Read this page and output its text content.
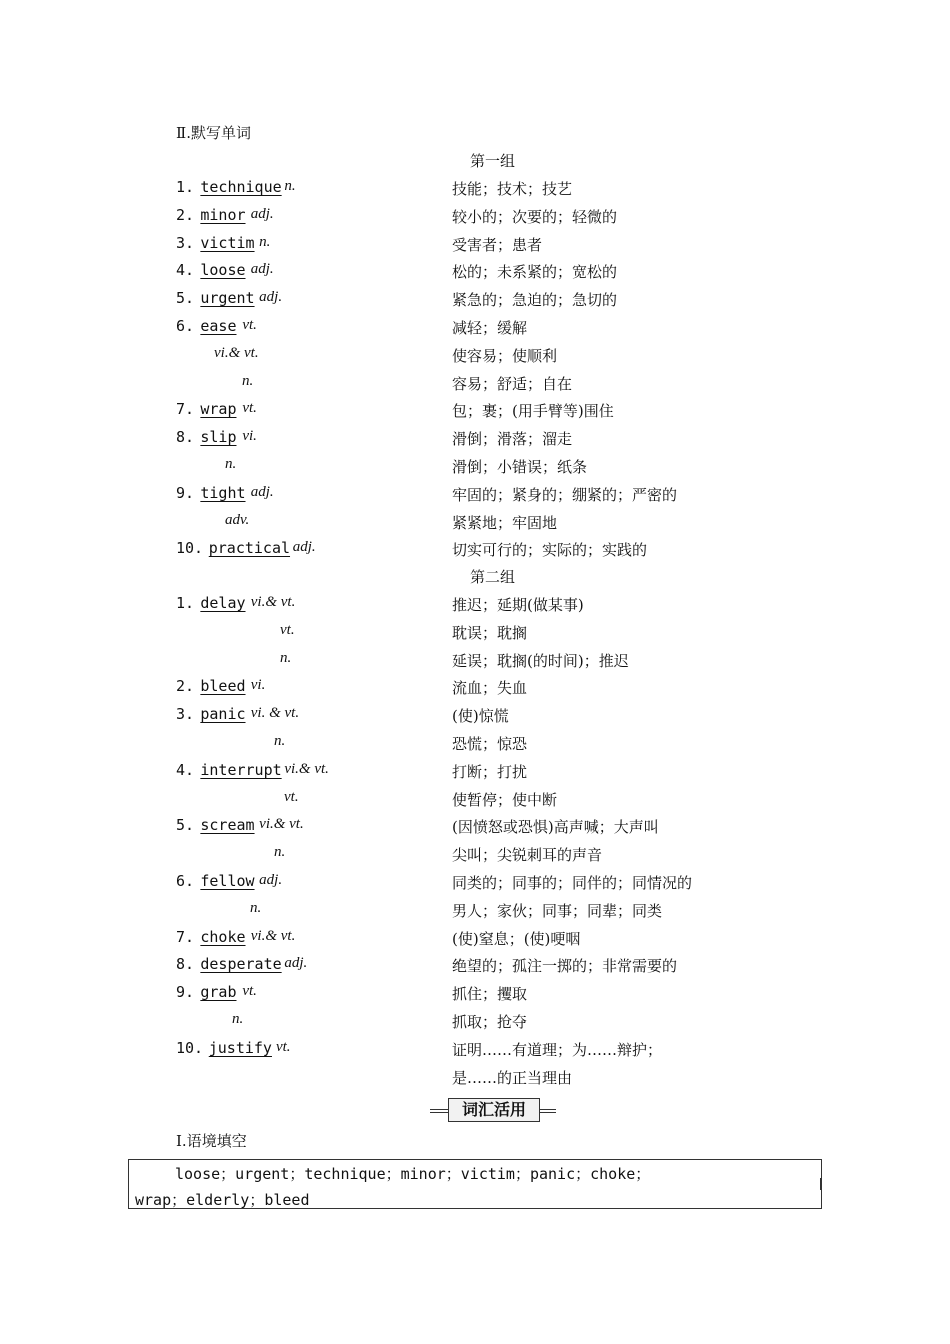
Ⅱ.默写单词
第一组
1. technique n.	技能；技术；技艺
2. minor adj.	较小的；次要的；轻微的
3. victim n.	受害者；患者
4. loose adj.	松的；未系紧的；宽松的
5. urgent adj.	紧急的；急迫的；急切的
6. ease vt.	减轻；缓解
vi.& vt.	使容易；使顺利
n.	容易；舒适；自在
7. wrap vt.	包；裹；(用手臂等)围住
8. slip vi.	滑倒；滑落；溜走
n.	滑倒；小错误；纸条
9. tight adj.	牢固的；紧身的；绷紧的；严密的
adv.	紧紧地；牢固地
10. practical adj.	切实可行的；实际的；实践的
第二组
1. delay vi.& vt.	推迟；延期(做某事)
vt.	耽误；耽搁
n.	延误；耽搁(的时间)；推迟
2. bleed vi.	流血；失血
3. panic vi. & vt.	(使)惊慌
n.	恐慌；惊恐
4. interrupt vi.& vt.	打断；打扰
vt.	使暂停；使中断
5. scream vi.& vt.	(因愤怒或恐惧)高声喊；大声叫
n.	尖叫；尖锐刺耳的声音
6. fellow adj.	同类的；同事的；同伴的；同情况的
n.	男人；家伙；同事；同辈；同类
7. choke vi.& vt.	(使)窒息；(使)哽咽
8. desperate adj.	绝望的；孤注一掷的；非常需要的
9. grab vt.	抓住；攫取
n.	抓取；抢夺
10. justify vt.	证明……有道理；为……辩护；
是……的正当理由
词汇活用
Ⅰ.语境填空
loose；urgent；technique；minor；victim；panic；choke；
wrap；elderly；bleed
